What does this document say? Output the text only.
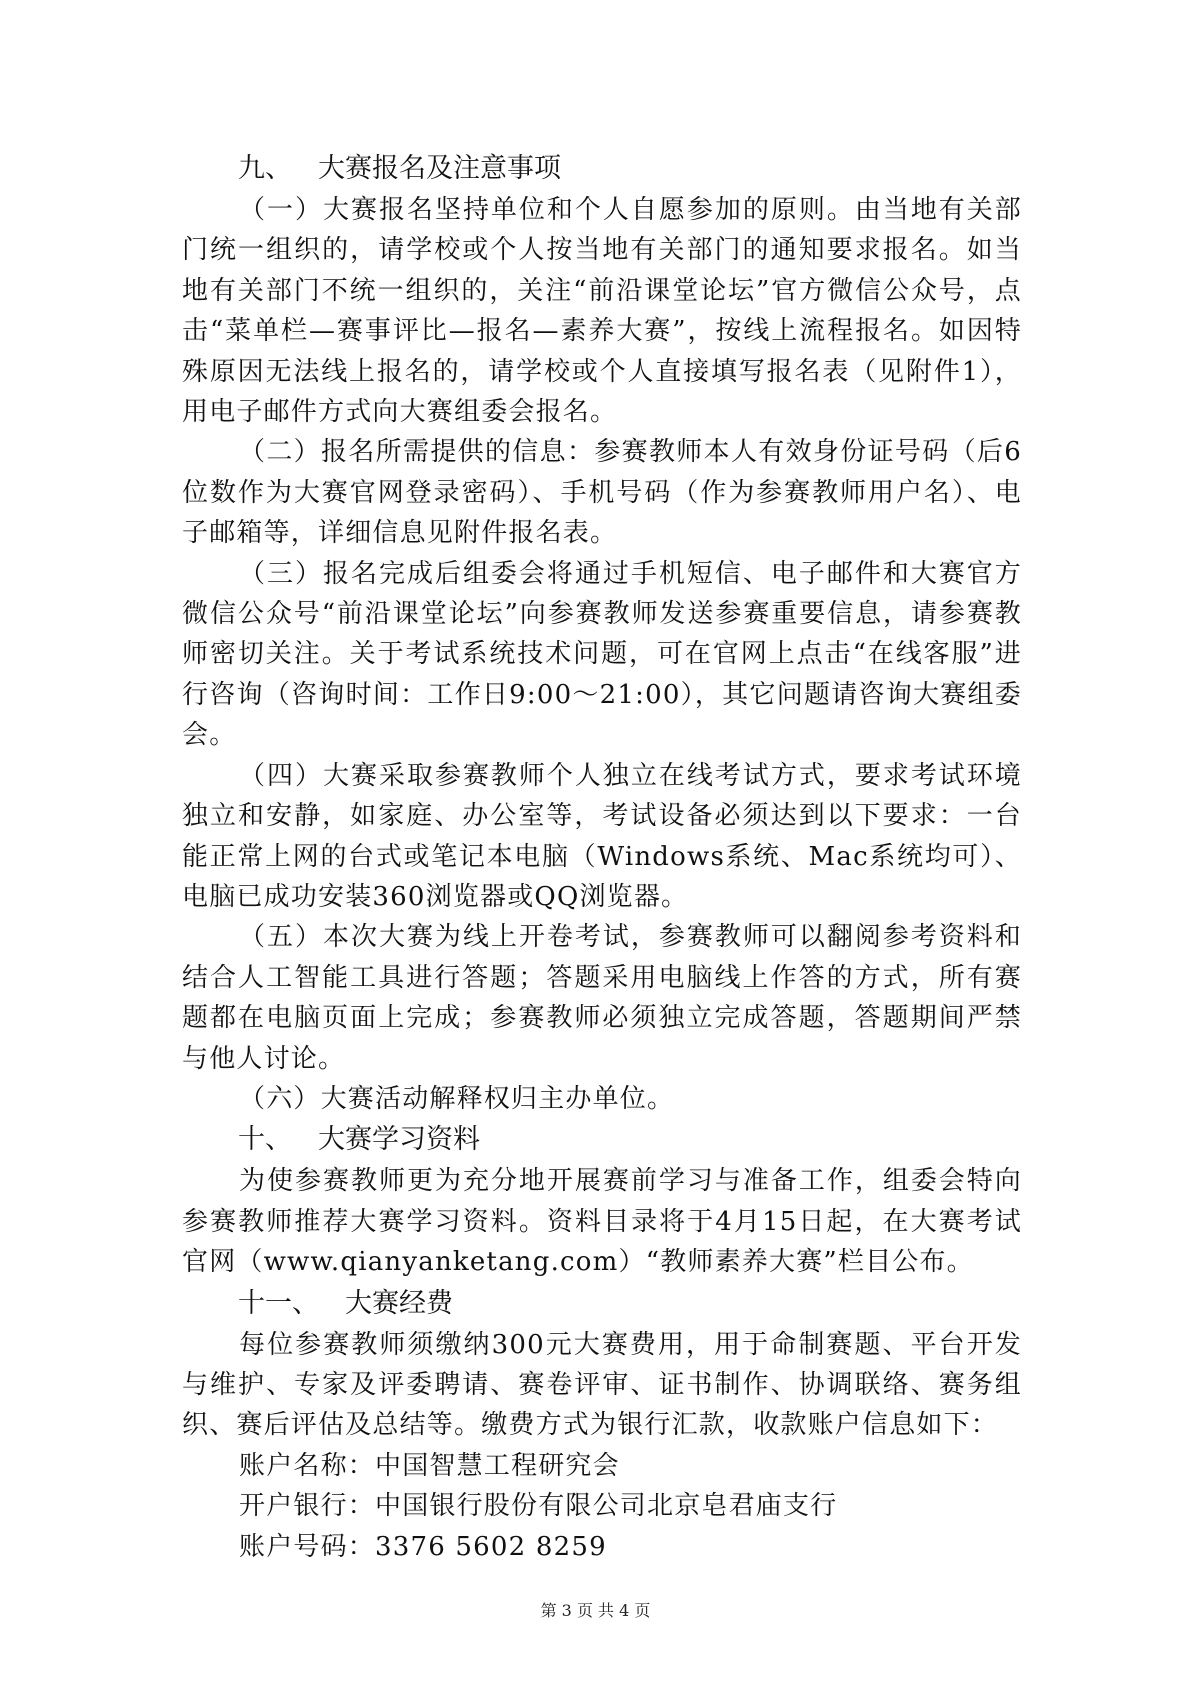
九、 大赛报名及注意事项

（一）大赛报名坚持单位和个人自愿参加的原则。由当地有关部门统一组织的，请学校或个人按当地有关部门的通知要求报名。如当地有关部门不统一组织的，关注“前沿课堂论坛”官方微信公众号，点击“菜单栏—赛事评比—报名—素养大赛”，按线上流程报名。如因特殊原因无法线上报名的，请学校或个人直接填写报名表（见附件1），用电子邮件方式向大赛组委会报名。

（二）报名所需提供的信息：参赛教师本人有效身份证号码（后6位数作为大赛官网登录密码）、手机号码（作为参赛教师用户名）、电子邮箱等，详细信息见附件报名表。

（三）报名完成后组委会将通过手机短信、电子邮件和大赛官方微信公众号“前沿课堂论坛”向参赛教师发送参赛重要信息，请参赛教师密切关注。关于考试系统技术问题，可在官网上点击“在线客服”进行咨询（咨询时间：工作日9:00～21:00），其它问题请咨询大赛组委会。

（四）大赛采取参赛教师个人独立在线考试方式，要求考试环境独立和安静，如家庭、办公室等，考试设备必须达到以下要求：一台能正常上网的台式或笔记本电脑（Windows系统、Mac系统均可）、电脑已成功安装360浏览器或QQ浏览器。

（五）本次大赛为线上开卷考试，参赛教师可以翻阅参考资料和结合人工智能工具进行答题；答题采用电脑线上作答的方式，所有赛题都在电脑页面上完成；参赛教师必须独立完成答题，答题期间严禁与他人讨论。

（六）大赛活动解释权归主办单位。

十、 大赛学习资料

为使参赛教师更为充分地开展赛前学习与准备工作，组委会特向参赛教师推荐大赛学习资料。资料目录将于4月15日起，在大赛考试官网（www.qianyanketang.com）“教师素养大赛”栏目公布。

十一、 大赛经费

每位参赛教师须缴纳300元大赛费用，用于命制赛题、平台开发与维护、专家及评委聘请、赛卷评审、证书制作、协调联络、赛务组织、赛后评估及总结等。缴费方式为银行汇款，收款账户信息如下：

账户名称：中国智慧工程研究会

开户银行：中国银行股份有限公司北京皂君庙支行

账户号码：3376 5602 8259

第 3 页 共 4 页
